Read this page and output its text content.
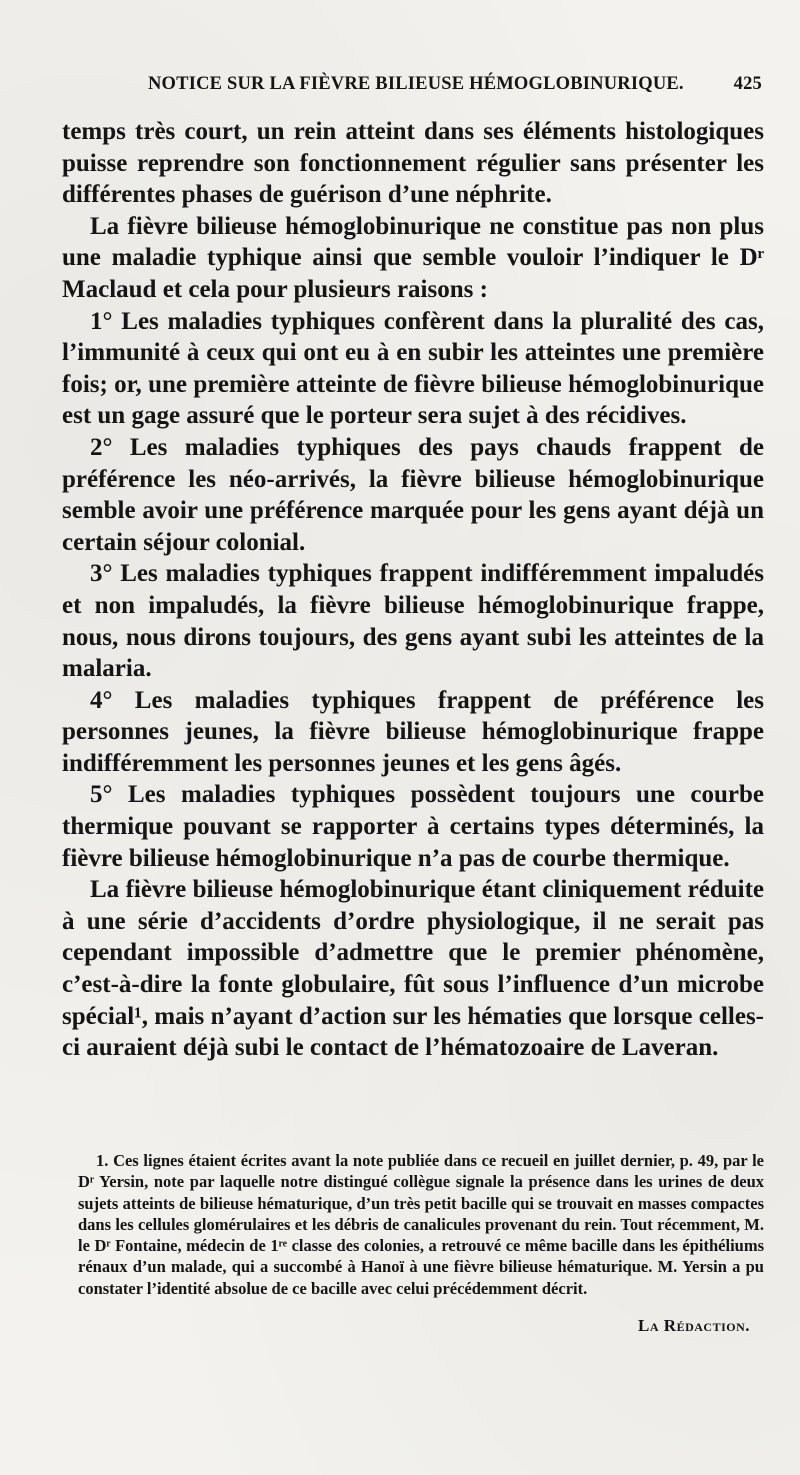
NOTICE SUR LA FIÈVRE BILIEUSE HÉMOGLOBINURIQUE.	425

temps très court, un rein atteint dans ses éléments histologiques puisse reprendre son fonctionnement régulier sans présenter les différentes phases de guérison d’une néphrite.

La fièvre bilieuse hémoglobinurique ne constitue pas non plus une maladie typhique ainsi que semble vouloir l’indiquer le Dʳ Maclaud et cela pour plusieurs raisons :

1° Les maladies typhiques confèrent dans la pluralité des cas, l’immunité à ceux qui ont eu à en subir les atteintes une première fois; or, une première atteinte de fièvre bilieuse hémoglobinurique est un gage assuré que le porteur sera sujet à des récidives.

2° Les maladies typhiques des pays chauds frappent de préférence les néo-arrivés, la fièvre bilieuse hémoglobinurique semble avoir une préférence marquée pour les gens ayant déjà un certain séjour colonial.

3° Les maladies typhiques frappent indifféremment impaludés et non impaludés, la fièvre bilieuse hémoglobinurique frappe, nous, nous dirons toujours, des gens ayant subi les atteintes de la malaria.

4° Les maladies typhiques frappent de préférence les personnes jeunes, la fièvre bilieuse hémoglobinurique frappe indifféremment les personnes jeunes et les gens âgés.

5° Les maladies typhiques possèdent toujours une courbe thermique pouvant se rapporter à certains types déterminés, la fièvre bilieuse hémoglobinurique n’a pas de courbe thermique.

La fièvre bilieuse hémoglobinurique étant cliniquement réduite à une série d’accidents d’ordre physiologique, il ne serait pas cependant impossible d’admettre que le premier phénomène, c’est-à-dire la fonte globulaire, fût sous l’influence d’un microbe spécial¹, mais n’ayant d’action sur les hématies que lorsque celles-ci auraient déjà subi le contact de l’hématozoaire de Laveran.

1. Ces lignes étaient écrites avant la note publiée dans ce recueil en juillet dernier, p. 49, par le Dʳ Yersin, note par laquelle notre distingué collègue signale la présence dans les urines de deux sujets atteints de bilieuse hématurique, d’un très petit bacille qui se trouvait en masses compactes dans les cellules glomérulaires et les débris de canalicules provenant du rein. Tout récemment, M. le Dʳ Fontaine, médecin de 1ʳᵉ classe des colonies, a retrouvé ce même bacille dans les épithéliums rénaux d’un malade, qui a succombé à Hanoï à une fièvre bilieuse hématurique. M. Yersin a pu constater l’identité absolue de ce bacille avec celui précédemment décrit.

La Rédaction.
